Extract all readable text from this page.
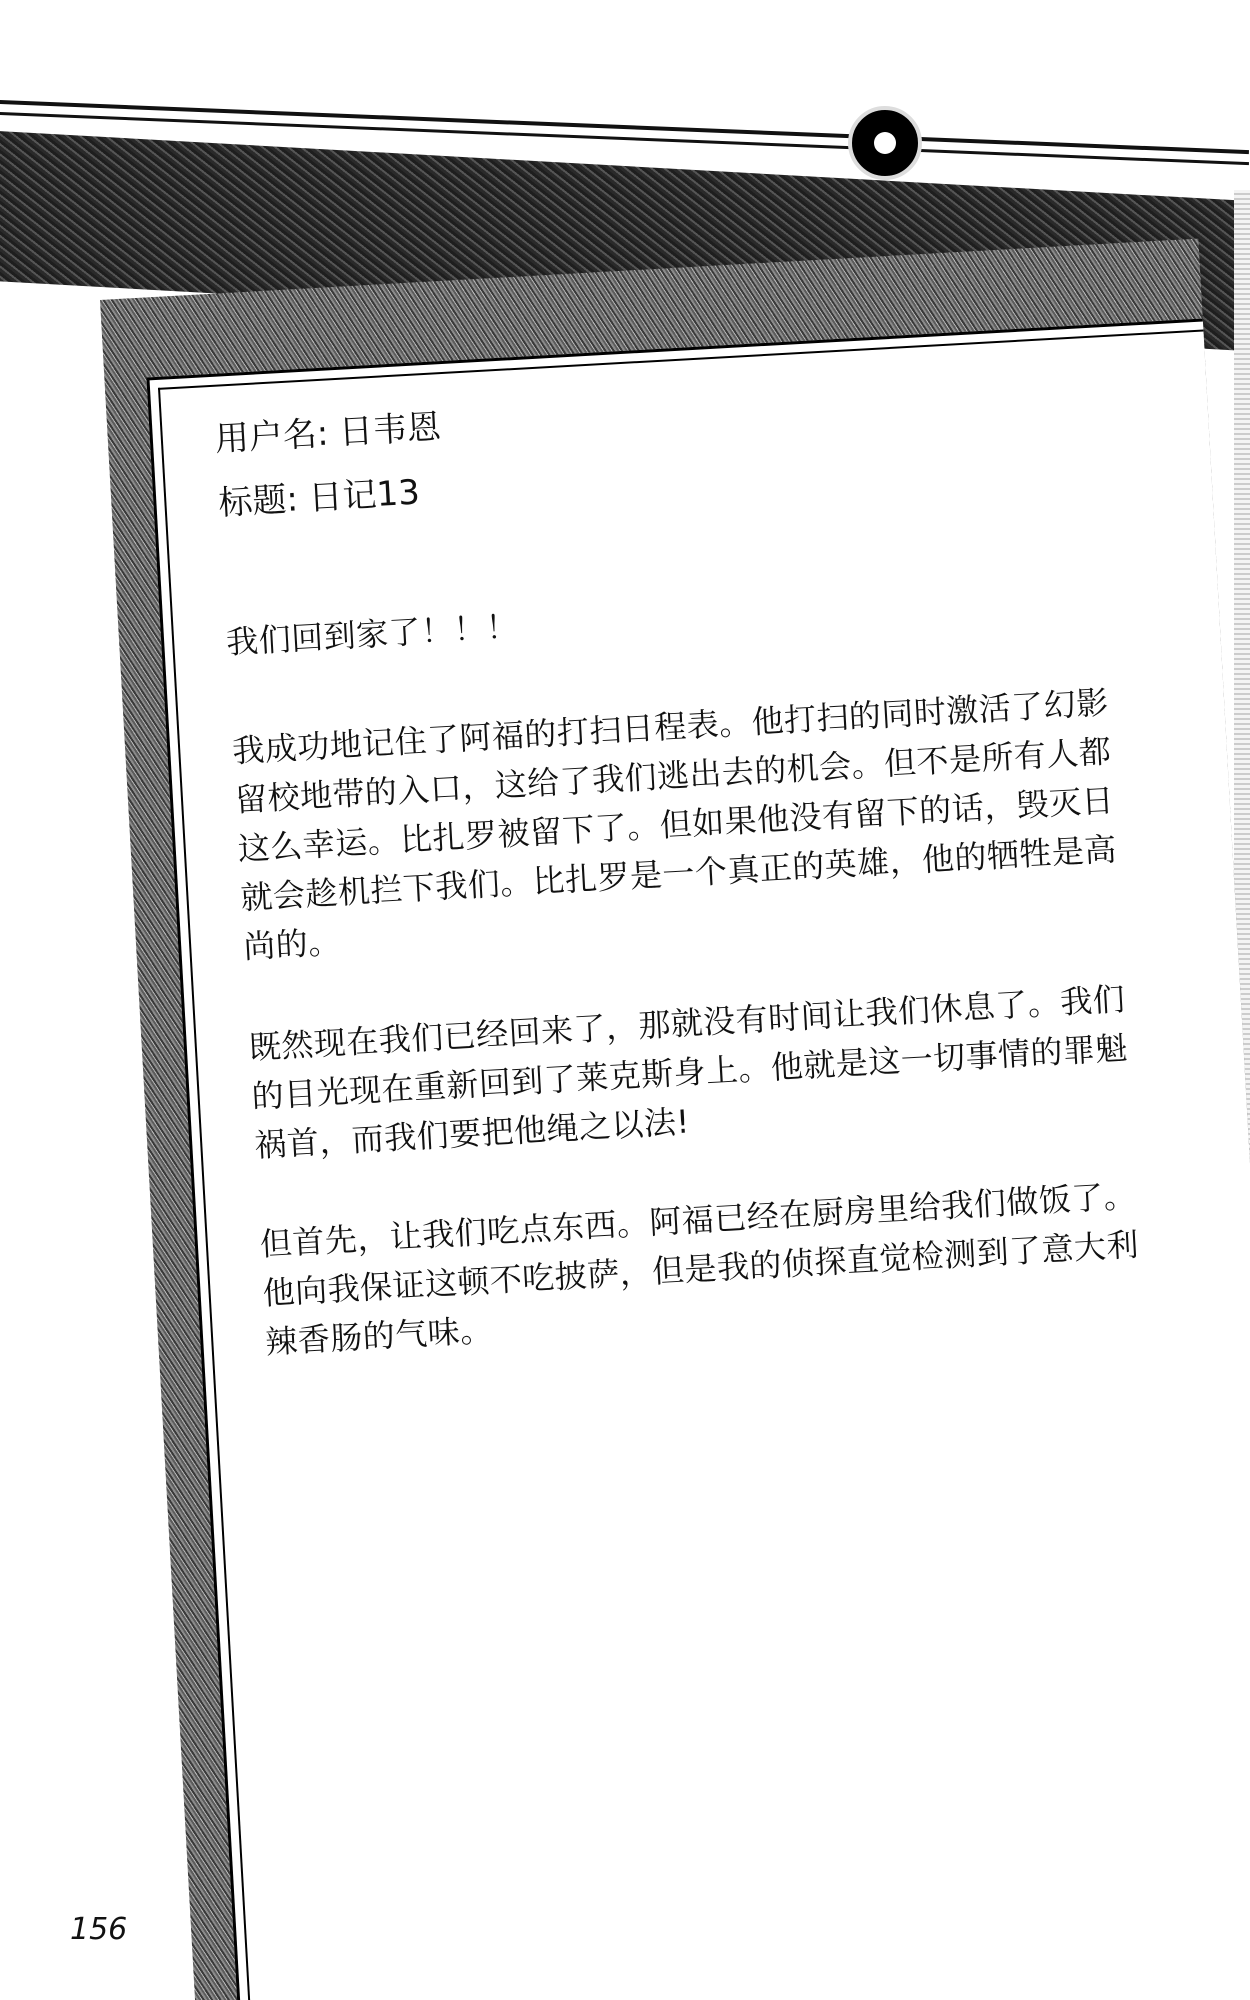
用户名: 日韦恩

标题: 日记13

我们回到家了！！！

我成功地记住了阿福的打扫日程表。他打扫的同时激活了幻影留校地带的入口，这给了我们逃出去的机会。但不是所有人都这么幸运。比扎罗被留下了。但如果他没有留下的话，毁灭日就会趁机拦下我们。比扎罗是一个真正的英雄，他的牺牲是高尚的。

既然现在我们已经回来了，那就没有时间让我们休息了。我们的目光现在重新回到了莱克斯身上。他就是这一切事情的罪魁祸首，而我们要把他绳之以法!

但首先，让我们吃点东西。阿福已经在厨房里给我们做饭了。他向我保证这顿不吃披萨，但是我的侦探直觉检测到了意大利辣香肠的气味。

156
